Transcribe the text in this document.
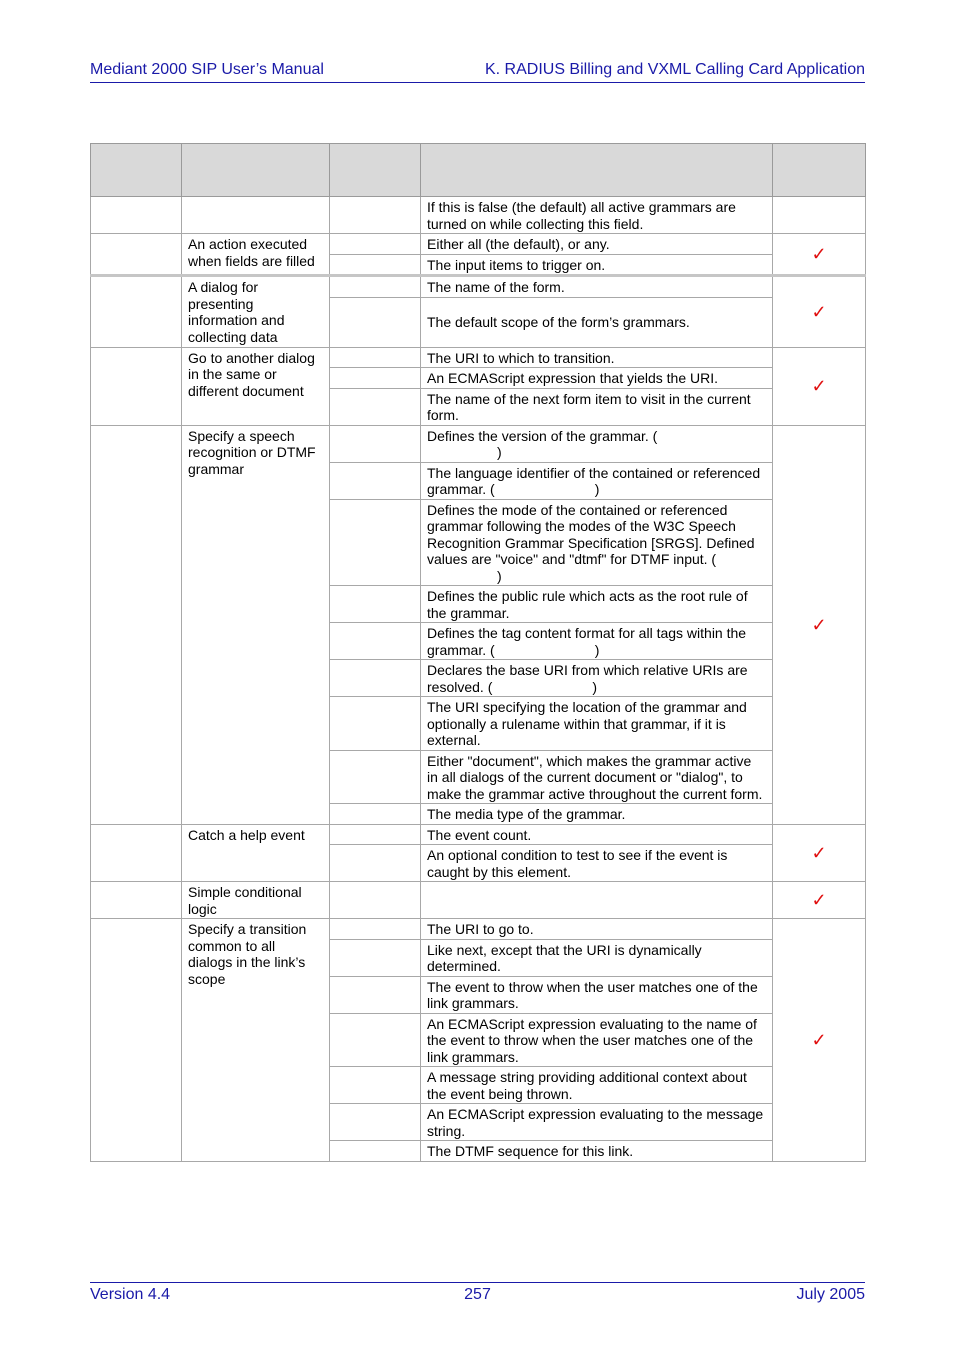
Mediant 2000 SIP User’s Manual	K. RADIUS Billing and VXML Calling Card Application

			If this is false (the default) all active grammars are turned on while collecting this field.	
	An action executed when fields are filled		Either all (the default), or any.	✓
			The input items to trigger on.	
	A dialog for presenting information and collecting data		The name of the form.	✓
			The default scope of the form’s grammars.	
	Go to another dialog in the same or different document		The URI to which to transition.	✓
			An ECMAScript expression that yields the URI.	
			The name of the next form item to visit in the current form.	
	Specify a speech recognition or DTMF grammar		Defines the version of the grammar. (
)	✓
			The language identifier of the contained or referenced grammar. ( )	
			Defines the mode of the contained or referenced grammar following the modes of the W3C Speech Recognition Grammar Specification [SRGS]. Defined values are "voice" and "dtmf" for DTMF input. (
)	
			Defines the public rule which acts as the root rule of the grammar.	
			Defines the tag content format for all tags within the grammar. ( )	
			Declares the base URI from which relative URIs are resolved. ( )	
			The URI specifying the location of the grammar and optionally a rulename within that grammar, if it is external.	
			Either "document", which makes the grammar active in all dialogs of the current document or "dialog", to make the grammar active throughout the current form.	
			The media type of the grammar.	
	Catch a help event		The event count.	✓
			An optional condition to test to see if the event is caught by this element.	
	Simple conditional logic			✓
	Specify a transition common to all dialogs in the link’s scope		The URI to go to.	✓
			Like next, except that the URI is dynamically determined.	
			The event to throw when the user matches one of the link grammars.	
			An ECMAScript expression evaluating to the name of the event to throw when the user matches one of the link grammars.	
			A message string providing additional context about the event being thrown.	
			An ECMAScript expression evaluating to the message string.	
			The DTMF sequence for this link.	
Version 4.4	257	July 2005
